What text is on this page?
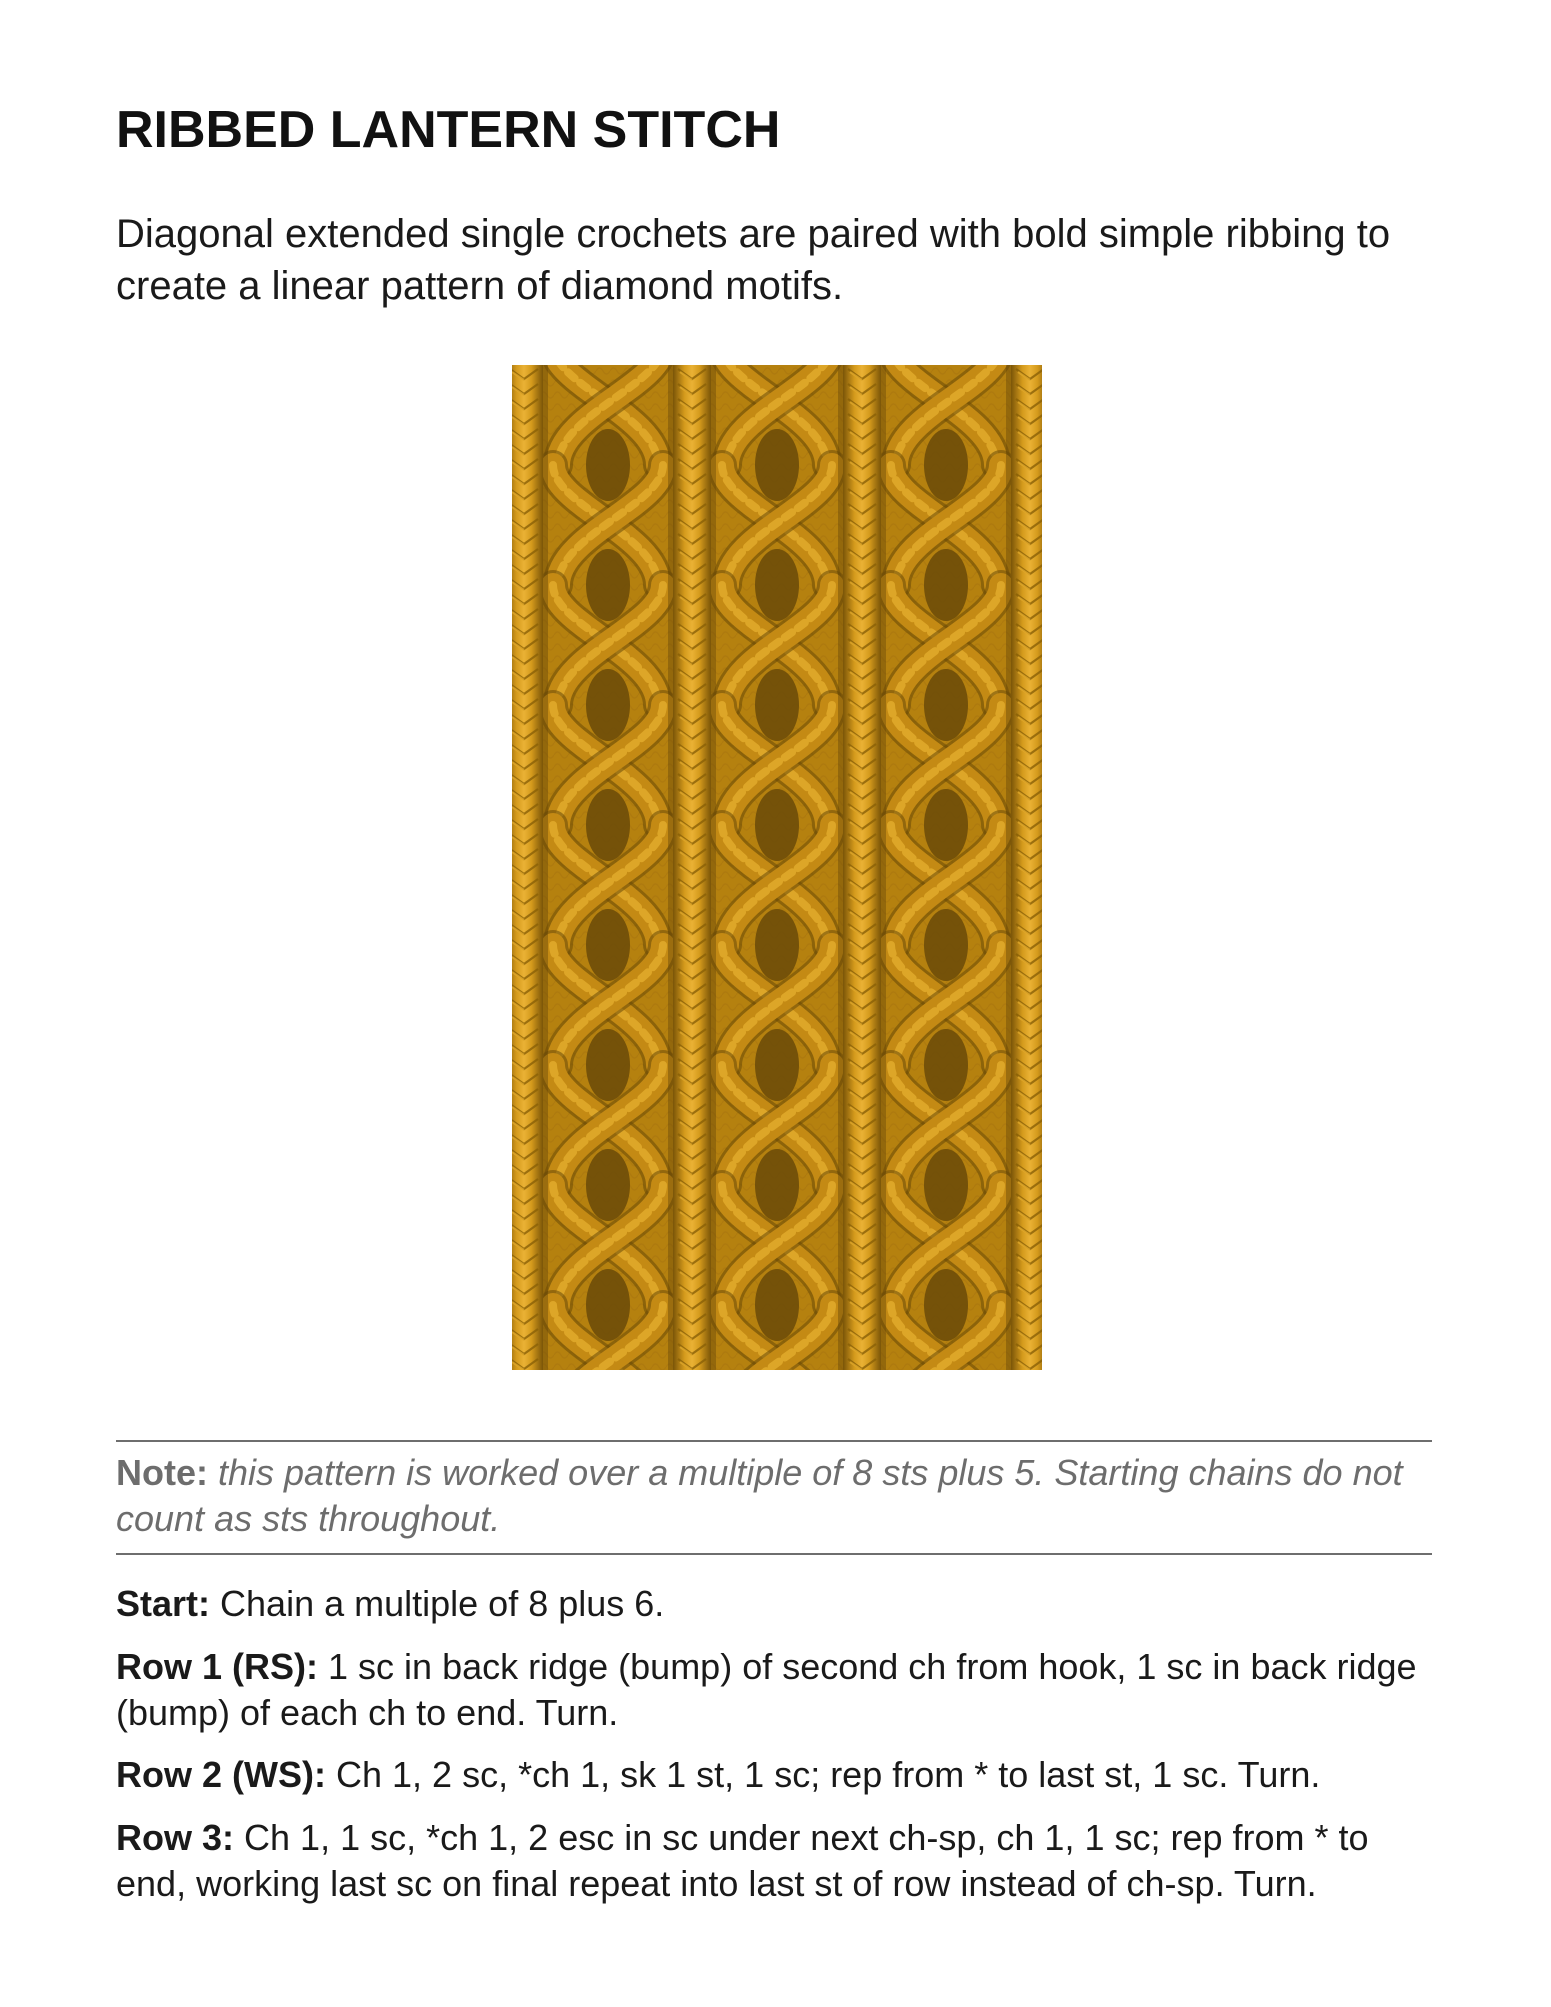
RIBBED LANTERN STITCH

Diagonal extended single crochets are paired with bold simple ribbing to create a linear pattern of diamond motifs.

Note: this pattern is worked over a multiple of 8 sts plus 5. Starting chains do not count as sts throughout.

Start: Chain a multiple of 8 plus 6.

Row 1 (RS): 1 sc in back ridge (bump) of second ch from hook, 1 sc in back ridge (bump) of each ch to end. Turn.

Row 2 (WS): Ch 1, 2 sc, *ch 1, sk 1 st, 1 sc; rep from * to last st, 1 sc. Turn.

Row 3: Ch 1, 1 sc, *ch 1, 2 esc in sc under next ch-sp, ch 1, 1 sc; rep from * to end, working last sc on final repeat into last st of row instead of ch-sp. Turn.
